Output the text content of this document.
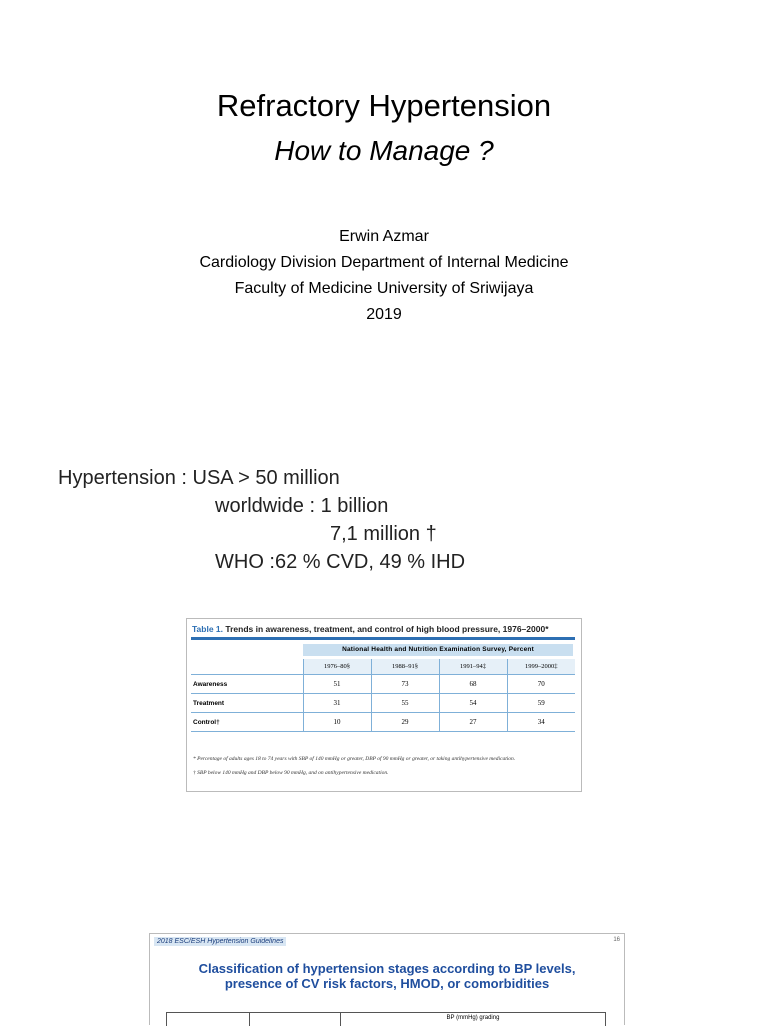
Refractory Hypertension
How to Manage ?
Erwin Azmar
Cardiology Division Department of Internal Medicine
Faculty of Medicine University of Sriwijaya
2019
Hypertension : USA > 50 million
worldwide : 1 billion
7,1 million †
WHO :62 % CVD, 49 % IHD
Table 1. Trends in awareness, treatment, and control of high blood pressure, 1976–2000*
National Health and Nutrition Examination Survey, Percent
	1976–80§	1988–91§	1991–94‡	1999–2000‡
Awareness	51	73	68	70
Treatment	31	55	54	59
Control†	10	29	27	34
* Percentage of adults ages 18 to 74 years with SBP of 140 mmHg or greater, DBP of 90 mmHg or greater, or taking antihypertensive medication.
† SBP below 140 mmHg and DBP below 90 mmHg, and on antihypertensive medication.
2018 ESC/ESH Hypertension Guidelines	16
Classification of hypertension stages according to BP levels,
presence of CV risk factors, HMOD, or comorbidities
BP (mmHg) grading
